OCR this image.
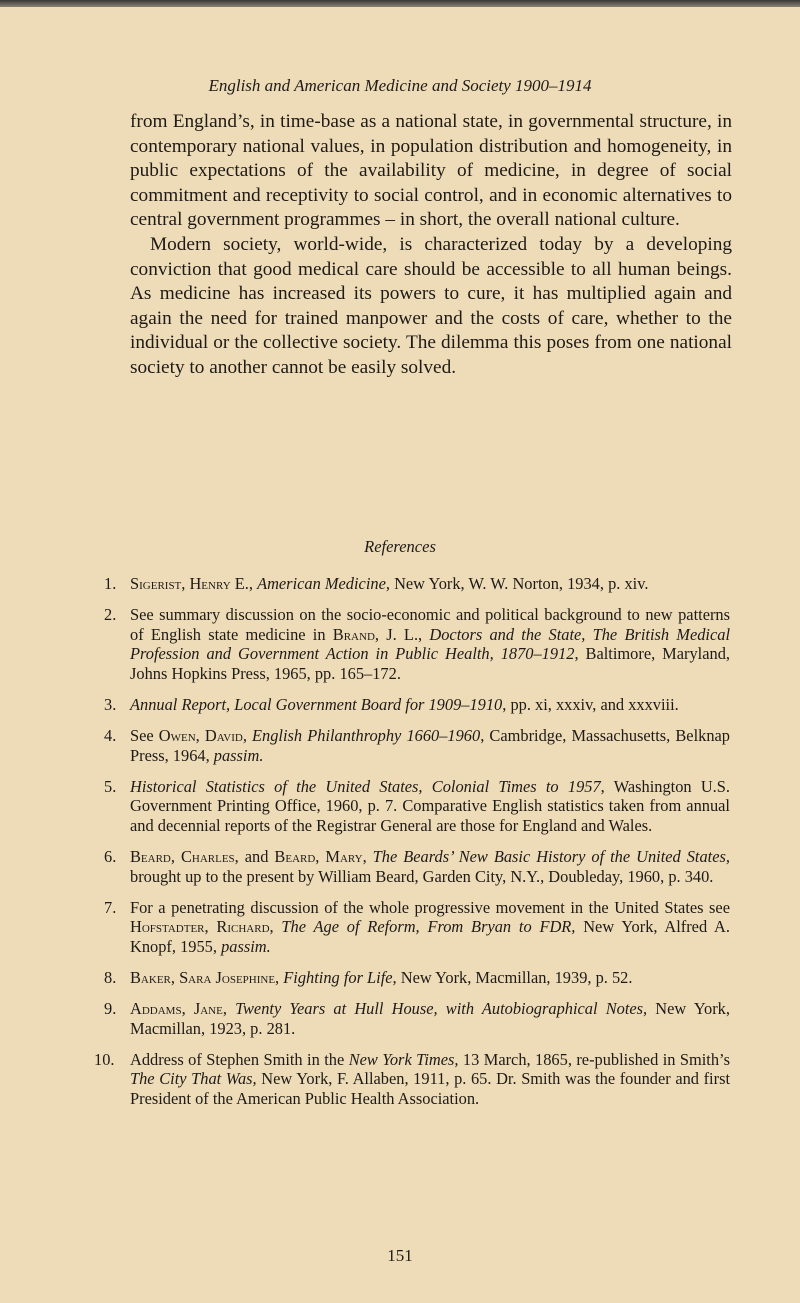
English and American Medicine and Society 1900–1914

from England’s, in time-base as a national state, in governmental structure, in contemporary national values, in population distribution and homogeneity, in public expectations of the availability of medicine, in degree of social commitment and receptivity to social control, and in economic alternatives to central government programmes – in short, the overall national culture.

Modern society, world-wide, is characterized today by a developing conviction that good medical care should be accessible to all human beings. As medicine has increased its powers to cure, it has multiplied again and again the need for trained manpower and the costs of care, whether to the individual or the collective society. The dilemma this poses from one national society to another cannot be easily solved.

References
1. Sigerist, Henry E., American Medicine, New York, W. W. Norton, 1934, p. xiv.
2. See summary discussion on the socio-economic and political background to new patterns of English state medicine in Brand, J. L., Doctors and the State, The British Medical Profession and Government Action in Public Health, 1870–1912, Baltimore, Maryland, Johns Hopkins Press, 1965, pp. 165–172.
3. Annual Report, Local Government Board for 1909–1910, pp. xi, xxxiv, and xxxviii.
4. See Owen, David, English Philanthrophy 1660–1960, Cambridge, Massachusetts, Belknap Press, 1964, passim.
5. Historical Statistics of the United States, Colonial Times to 1957, Washington U.S. Government Printing Office, 1960, p. 7. Comparative English statistics taken from annual and decennial reports of the Registrar General are those for England and Wales.
6. Beard, Charles, and Beard, Mary, The Beards’ New Basic History of the United States, brought up to the present by William Beard, Garden City, N.Y., Doubleday, 1960, p. 340.
7. For a penetrating discussion of the whole progressive movement in the United States see Hofstadter, Richard, The Age of Reform, From Bryan to FDR, New York, Alfred A. Knopf, 1955, passim.
8. Baker, Sara Josephine, Fighting for Life, New York, Macmillan, 1939, p. 52.
9. Addams, Jane, Twenty Years at Hull House, with Autobiographical Notes, New York, Macmillan, 1923, p. 281.
10. Address of Stephen Smith in the New York Times, 13 March, 1865, re-published in Smith’s The City That Was, New York, F. Allaben, 1911, p. 65. Dr. Smith was the founder and first President of the American Public Health Association.
151
